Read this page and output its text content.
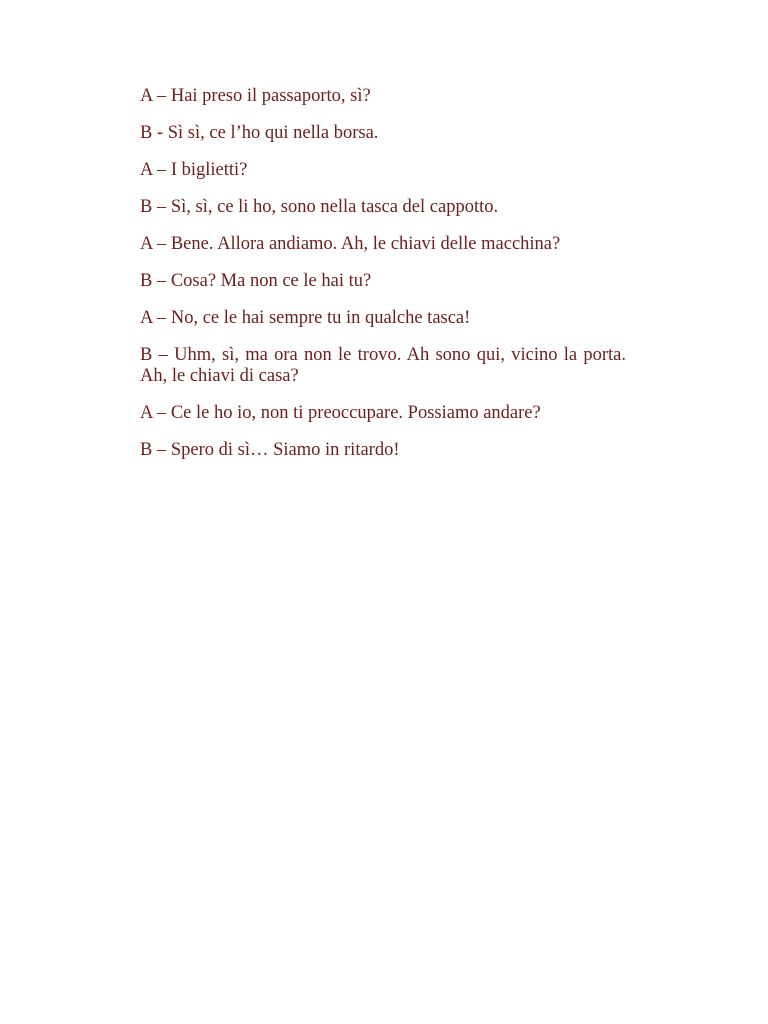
A – Hai preso il passaporto, sì?

B - Sì sì, ce l’ho qui nella borsa.

A – I biglietti?

B – Sì, sì, ce li ho, sono nella tasca del cappotto.

A – Bene. Allora andiamo. Ah, le chiavi delle macchina?

B – Cosa? Ma non ce le hai tu?

A – No, ce le hai sempre tu in qualche tasca!

B – Uhm, sì, ma ora non le trovo. Ah sono qui, vicino la porta. Ah, le chiavi di casa?

A – Ce le ho io, non ti preoccupare. Possiamo andare?

B – Spero di sì… Siamo in ritardo!
